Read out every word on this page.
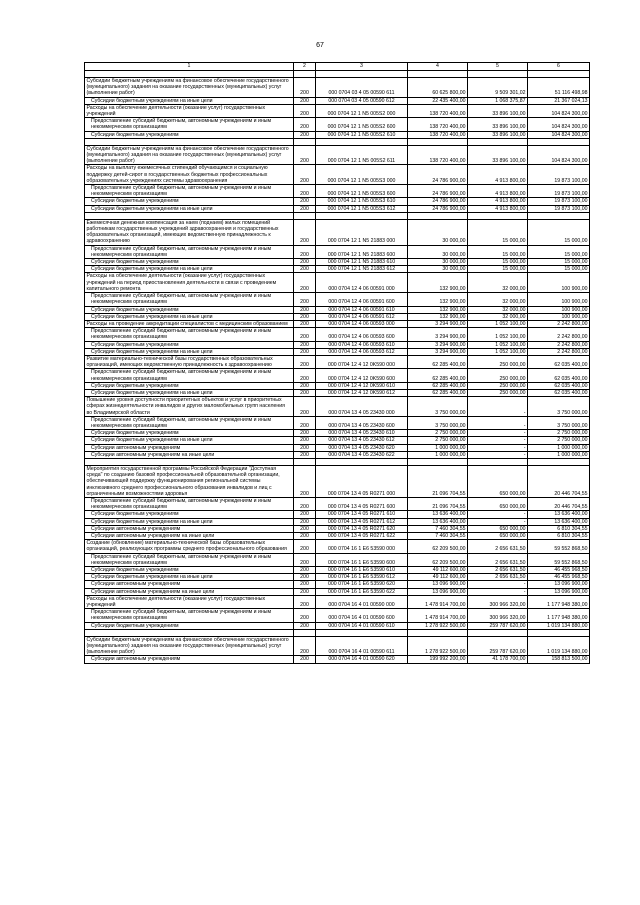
67
1	2	3	4	5	6

Субсидии бюджетным учреждениям на финансовое обеспечение государственного (муниципального) задания на оказание государственных (муниципальных) услуг (выполнение работ)	200	000 0704 03 4 05 00590 611	60 625 800,00	9 509 301,02	51 116 498,98
Субсидии бюджетным учреждениям на иные цели	200	000 0704 03 4 05 00590 612	22 435 400,00	1 068 375,87	21 367 024,13
Расходы на обеспечение деятельности (оказание услуг) государственных учреждений	200	000 0704 12 1 N5 005S2 000	138 720 400,00	33 896 100,00	104 824 300,00
Предоставление субсидий бюджетным, автономным учреждениям и иным некоммерческим организациям	200	000 0704 12 1 N5 005S2 600	138 720 400,00	33 896 100,00	104 824 300,00
Субсидии бюджетным учреждениям	200	000 0704 12 1 N5 005S2 610	138 720 400,00	33 896 100,00	104 824 300,00

Субсидии бюджетным учреждениям на финансовое обеспечение государственного (муниципального) задания на оказание государственных (муниципальных) услуг (выполнение работ)	200	000 0704 12 1 N5 005S2 611	138 720 400,00	33 896 100,00	104 824 300,00
Расходы на выплату ежемесячных стипендий обучающимся и социальную поддержку детей-сирот в государственных бюджетных профессиональных образовательных учреждениях системы здравоохранения	200	000 0704 12 1 N5 005S3 000	24 786 900,00	4 913 800,00	19 873 100,00
Предоставление субсидий бюджетным, автономным учреждениям и иным некоммерческим организациям	200	000 0704 12 1 N5 005S3 600	24 786 900,00	4 913 800,00	19 873 100,00
Субсидии бюджетным учреждениям	200	000 0704 12 1 N5 005S3 610	24 786 900,00	4 913 800,00	19 873 100,00
Субсидии бюджетным учреждениям на иные цели	200	000 0704 12 1 N5 005S3 612	24 786 900,00	4 913 800,00	19 873 100,00

Ежемесячная денежная компенсация за наем (поднаем) жилых помещений работникам государственных учреждений здравоохранения и государственных образовательных организаций, имеющих ведомственную принадлежность к здравоохранению	200	000 0704 12 1 N5 21883 000	30 000,00	15 000,00	15 000,00
Предоставление субсидий бюджетным, автономным учреждениям и иным некоммерческим организациям	200	000 0704 12 1 N5 21883 600	30 000,00	15 000,00	15 000,00
Субсидии бюджетным учреждениям	200	000 0704 12 1 N5 21883 610	30 000,00	15 000,00	15 000,00
Субсидии бюджетным учреждениям на иные цели	200	000 0704 12 1 N5 21883 612	30 000,00	15 000,00	15 000,00
Расходы на обеспечение деятельности (оказание услуг) государственных учреждений на период приостановления деятельности в связи с проведением капитального ремонта	200	000 0704 12 4 06 00591 000	132 900,00	32 000,00	100 900,00
Предоставление субсидий бюджетным, автономным учреждениям и иным некоммерческим организациям	200	000 0704 12 4 06 00591 600	132 900,00	32 000,00	100 900,00
Субсидии бюджетным учреждениям	200	000 0704 12 4 06 00591 610	132 900,00	32 000,00	100 900,00
Субсидии бюджетным учреждениям на иные цели	200	000 0704 12 4 06 00591 612	132 900,00	32 000,00	100 900,00
Расходы на проведение аккредитации специалистов с медицинским образованием	200	000 0704 12 4 06 00593 000	3 294 900,00	1 052 100,00	2 242 800,00
Предоставление субсидий бюджетным, автономным учреждениям и иным некоммерческим организациям	200	000 0704 12 4 06 00593 600	3 294 900,00	1 052 100,00	2 242 800,00
Субсидии бюджетным учреждениям	200	000 0704 12 4 06 00593 610	3 294 900,00	1 052 100,00	2 242 800,00
Субсидии бюджетным учреждениям на иные цели	200	000 0704 12 4 06 00593 612	3 294 900,00	1 052 100,00	2 242 800,00
Развитие материально-технической базы государственных образовательных организаций, имеющих ведомственную принадлежность к здравоохранению	200	000 0704 12 4 12 0K590 000	62 285 400,00	250 000,00	62 035 400,00
Предоставление субсидий бюджетным, автономным учреждениям и иным некоммерческим организациям	200	000 0704 12 4 12 0K590 600	62 285 400,00	250 000,00	62 035 400,00
Субсидии бюджетным учреждениям	200	000 0704 12 4 12 0K590 610	62 285 400,00	250 000,00	62 035 400,00
Субсидии бюджетным учреждениям на иные цели	200	000 0704 12 4 12 0K590 612	62 285 400,00	250 000,00	62 035 400,00
Повышение уровня доступности приоритетных объектов и услуг в приоритетных сферах жизнедеятельности инвалидов и других маломобильных групп населения во Владимирской области	200	000 0704 13 4 05 23430 000	3 750 000,00	-	3 750 000,00
Предоставление субсидий бюджетным, автономным учреждениям и иным некоммерческим организациям	200	000 0704 13 4 05 23430 600	3 750 000,00	-	3 750 000,00
Субсидии бюджетным учреждениям	200	000 0704 13 4 05 23430 610	2 750 000,00	-	2 750 000,00
Субсидии бюджетным учреждениям на иные цели	200	000 0704 13 4 05 23430 612	2 750 000,00	-	2 750 000,00
Субсидии автономным учреждениям	200	000 0704 13 4 05 23430 620	1 000 000,00	-	1 000 000,00
Субсидии автономным учреждениям на иные цели	200	000 0704 13 4 05 23430 622	1 000 000,00	-	1 000 000,00

Мероприятия государственной программы Российской Федерации "Доступная среда" по созданию базовой профессиональной образовательной организации, обеспечивающей поддержку функционирования региональной системы инклюзивного среднего профессионального образования инвалидов и лиц с ограниченными возможностями здоровья	200	000 0704 13 4 05 R0271 000	21 096 704,55	650 000,00	20 446 704,55
Предоставление субсидий бюджетным, автономным учреждениям и иным некоммерческим организациям	200	000 0704 13 4 05 R0271 600	21 096 704,55	650 000,00	20 446 704,55
Субсидии бюджетным учреждениям	200	000 0704 13 4 05 R0271 610	13 636 400,00	-	13 636 400,00
Субсидии бюджетным учреждениям на иные цели	200	000 0704 13 4 05 R0271 612	13 636 400,00	-	13 636 400,00
Субсидии автономным учреждениям	200	000 0704 13 4 05 R0271 620	7 460 304,55	650 000,00	6 810 304,55
Субсидии автономным учреждениям на иные цели	200	000 0704 13 4 05 R0271 622	7 460 304,55	650 000,00	6 810 304,55
Создание (обновление) материально-технической базы образовательных организаций, реализующих программы среднего профессионального образования	200	000 0704 16 1 E6 53590 000	62 209 500,00	2 656 631,50	59 552 868,50
Предоставление субсидий бюджетным, автономным учреждениям и иным некоммерческим организациям	200	000 0704 16 1 E6 53590 600	62 209 500,00	2 656 631,50	59 552 868,50
Субсидии бюджетным учреждениям	200	000 0704 16 1 E6 53590 610	49 112 600,00	2 656 631,50	46 455 968,50
Субсидии бюджетным учреждениям на иные цели	200	000 0704 16 1 E6 53590 612	49 112 600,00	2 656 631,50	46 455 968,50
Субсидии автономным учреждениям	200	000 0704 16 1 E6 53590 620	13 096 900,00	-	13 096 900,00
Субсидии автономным учреждениям на иные цели	200	000 0704 16 1 E6 53590 622	13 096 900,00	-	13 096 900,00
Расходы на обеспечение деятельности (оказание услуг) государственных учреждений	200	000 0704 16 4 01 00590 000	1 478 914 700,00	300 966 320,00	1 177 948 380,00
Предоставление субсидий бюджетным, автономным учреждениям и иным некоммерческим организациям	200	000 0704 16 4 01 00590 600	1 478 914 700,00	300 966 320,00	1 177 948 380,00
Субсидии бюджетным учреждениям	200	000 0704 16 4 01 00590 610	1 278 922 500,00	259 787 620,00	1 019 134 880,00

Субсидии бюджетным учреждениям на финансовое обеспечение государственного (муниципального) задания на оказание государственных (муниципальных) услуг (выполнение работ)	200	000 0704 16 4 01 00590 611	1 278 922 500,00	259 787 620,00	1 019 134 880,00
Субсидии автономным учреждениям	200	000 0704 16 4 01 00590 620	199 992 200,00	41 178 700,00	158 813 500,00
